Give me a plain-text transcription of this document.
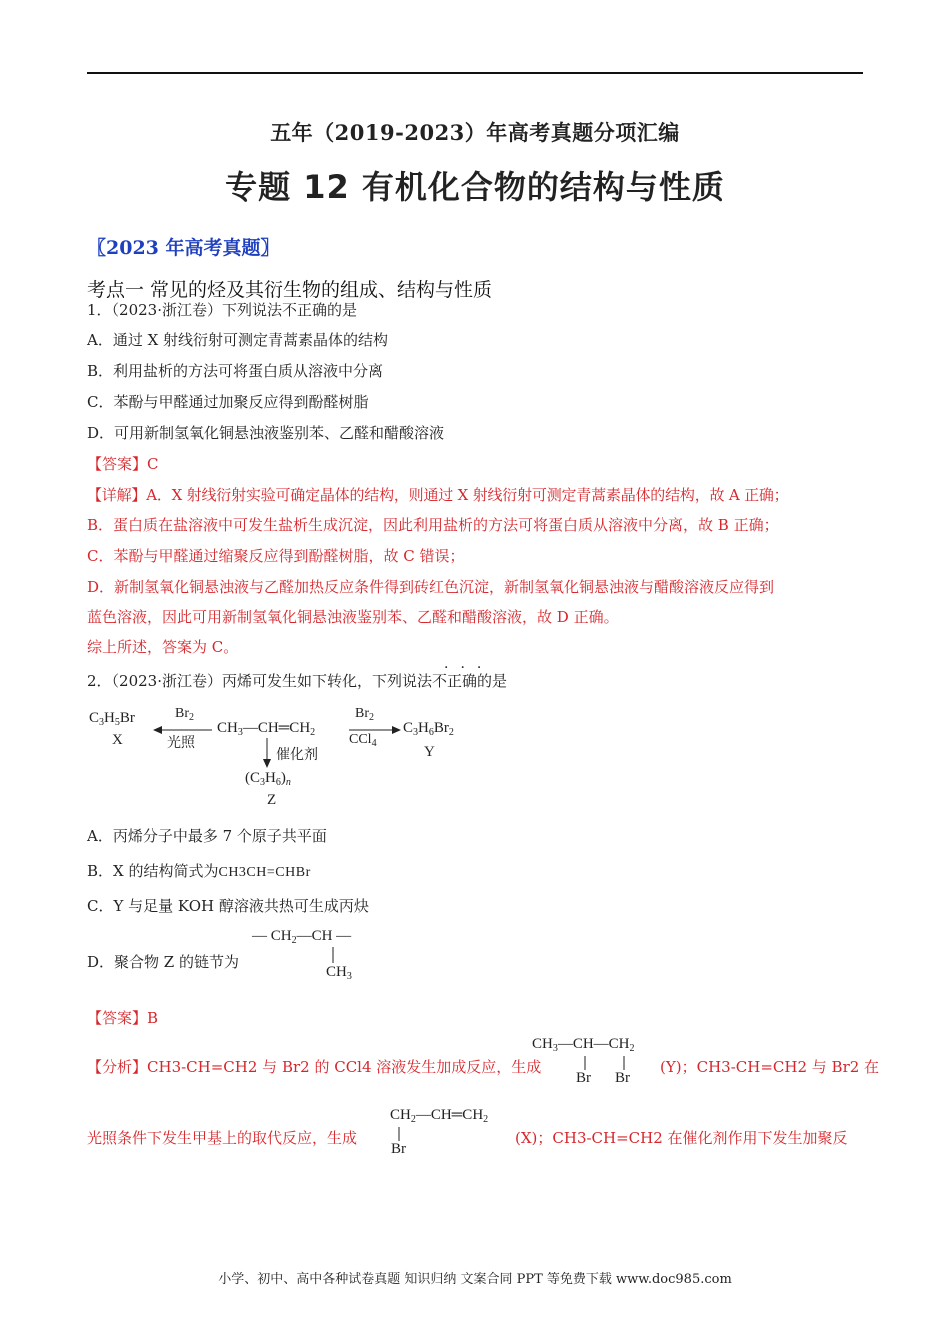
五年（2019-2023）年高考真题分项汇编
专题 12 有机化合物的结构与性质
〖2023 年高考真题〗
考点一 常见的烃及其衍生物的组成、结构与性质
1．（2023·浙江卷）下列说法不正确的是
A．通过 X 射线衍射可测定青蒿素晶体的结构
B．利用盐析的方法可将蛋白质从溶液中分离
C．苯酚与甲醛通过加聚反应得到酚醛树脂
D．可用新制氢氧化铜悬浊液鉴别苯、乙醛和醋酸溶液
【答案】C
【详解】A．X 射线衍射实验可确定晶体的结构，则通过 X 射线衍射可测定青蒿素晶体的结构，故 A 正确；
B．蛋白质在盐溶液中可发生盐析生成沉淀，因此利用盐析的方法可将蛋白质从溶液中分离，故 B 正确；
C．苯酚与甲醛通过缩聚反应得到酚醛树脂，故 C 错误；
D．新制氢氧化铜悬浊液与乙醛加热反应条件得到砖红色沉淀，新制氢氧化铜悬浊液与醋酸溶液反应得到
蓝色溶液，因此可用新制氢氧化铜悬浊液鉴别苯、乙醛和醋酸溶液，故 D 正确。
综上所述，答案为 C。
2．（2023·浙江卷）丙烯可发生如下转化，下列说法不正确的是
···
$C_3H_5Br$
X
$Br_2$
光照
$CH_3—CH═CH_2$
$Br_2$
CCl$_4$
$C_3H_6Br_2$
Y
催化剂
$(C_3H_6)_n$
Z
A．丙烯分子中最多 7 个原子共平面
B．X 的结构简式为CH3CH=CHBr
C．Y 与足量 KOH 醇溶液共热可生成丙炔
D．聚合物 Z 的链节为
— $CH_2—CH$ —
$CH_3$
【答案】B
【分析】CH3-CH=CH2 与 Br2 的 CCl4 溶液发生加成反应，生成
$CH_3—CH—CH_2$
Br Br
(Y)；CH3-CH=CH2 与 Br2 在
光照条件下发生甲基上的取代反应，生成
$CH_2—CH═CH_2$
Br
(X)；CH3-CH=CH2 在催化剂作用下发生加聚反
小学、初中、高中各种试卷真题 知识归纳 文案合同 PPT 等免费下载 www.doc985.com
